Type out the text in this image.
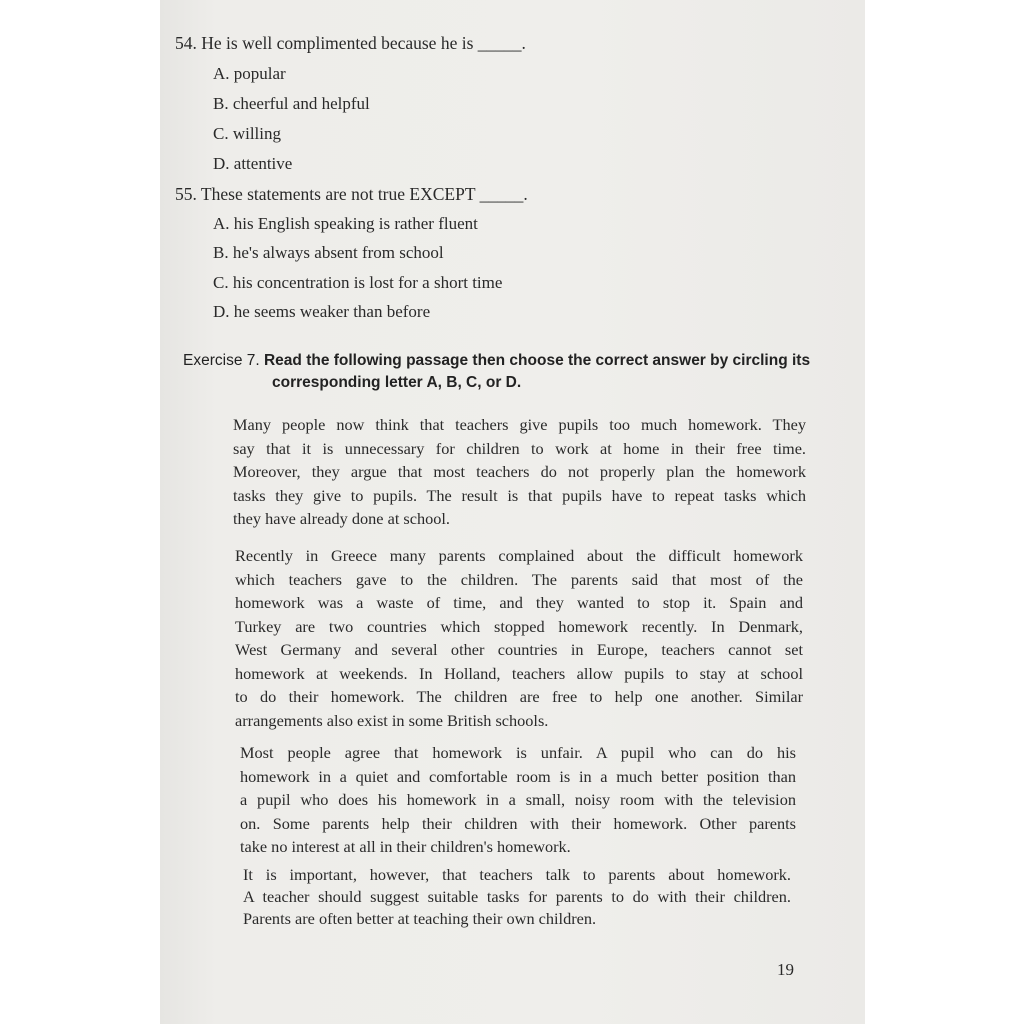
54. He is well complimented because he is _____.
A. popular
B. cheerful and helpful
C. willing
D. attentive
55. These statements are not true EXCEPT _____.
A. his English speaking is rather fluent
B. he's always absent from school
C. his concentration is lost for a short time
D. he seems weaker than before
Exercise 7. Read the following passage then choose the correct answer by circling its
corresponding letter A, B, C, or D.
Many people now think that teachers give pupils too much homework. They
say that it is unnecessary for children to work at home in their free time.
Moreover, they argue that most teachers do not properly plan the homework
tasks they give to pupils. The result is that pupils have to repeat tasks which
they have already done at school.
Recently in Greece many parents complained about the difficult homework
which teachers gave to the children. The parents said that most of the
homework was a waste of time, and they wanted to stop it. Spain and
Turkey are two countries which stopped homework recently. In Denmark,
West Germany and several other countries in Europe, teachers cannot set
homework at weekends. In Holland, teachers allow pupils to stay at school
to do their homework. The children are free to help one another. Similar
arrangements also exist in some British schools.
Most people agree that homework is unfair. A pupil who can do his
homework in a quiet and comfortable room is in a much better position than
a pupil who does his homework in a small, noisy room with the television
on. Some parents help their children with their homework. Other parents
take no interest at all in their children's homework.
It is important, however, that teachers talk to parents about homework.
A teacher should suggest suitable tasks for parents to do with their children.
Parents are often better at teaching their own children.
19
